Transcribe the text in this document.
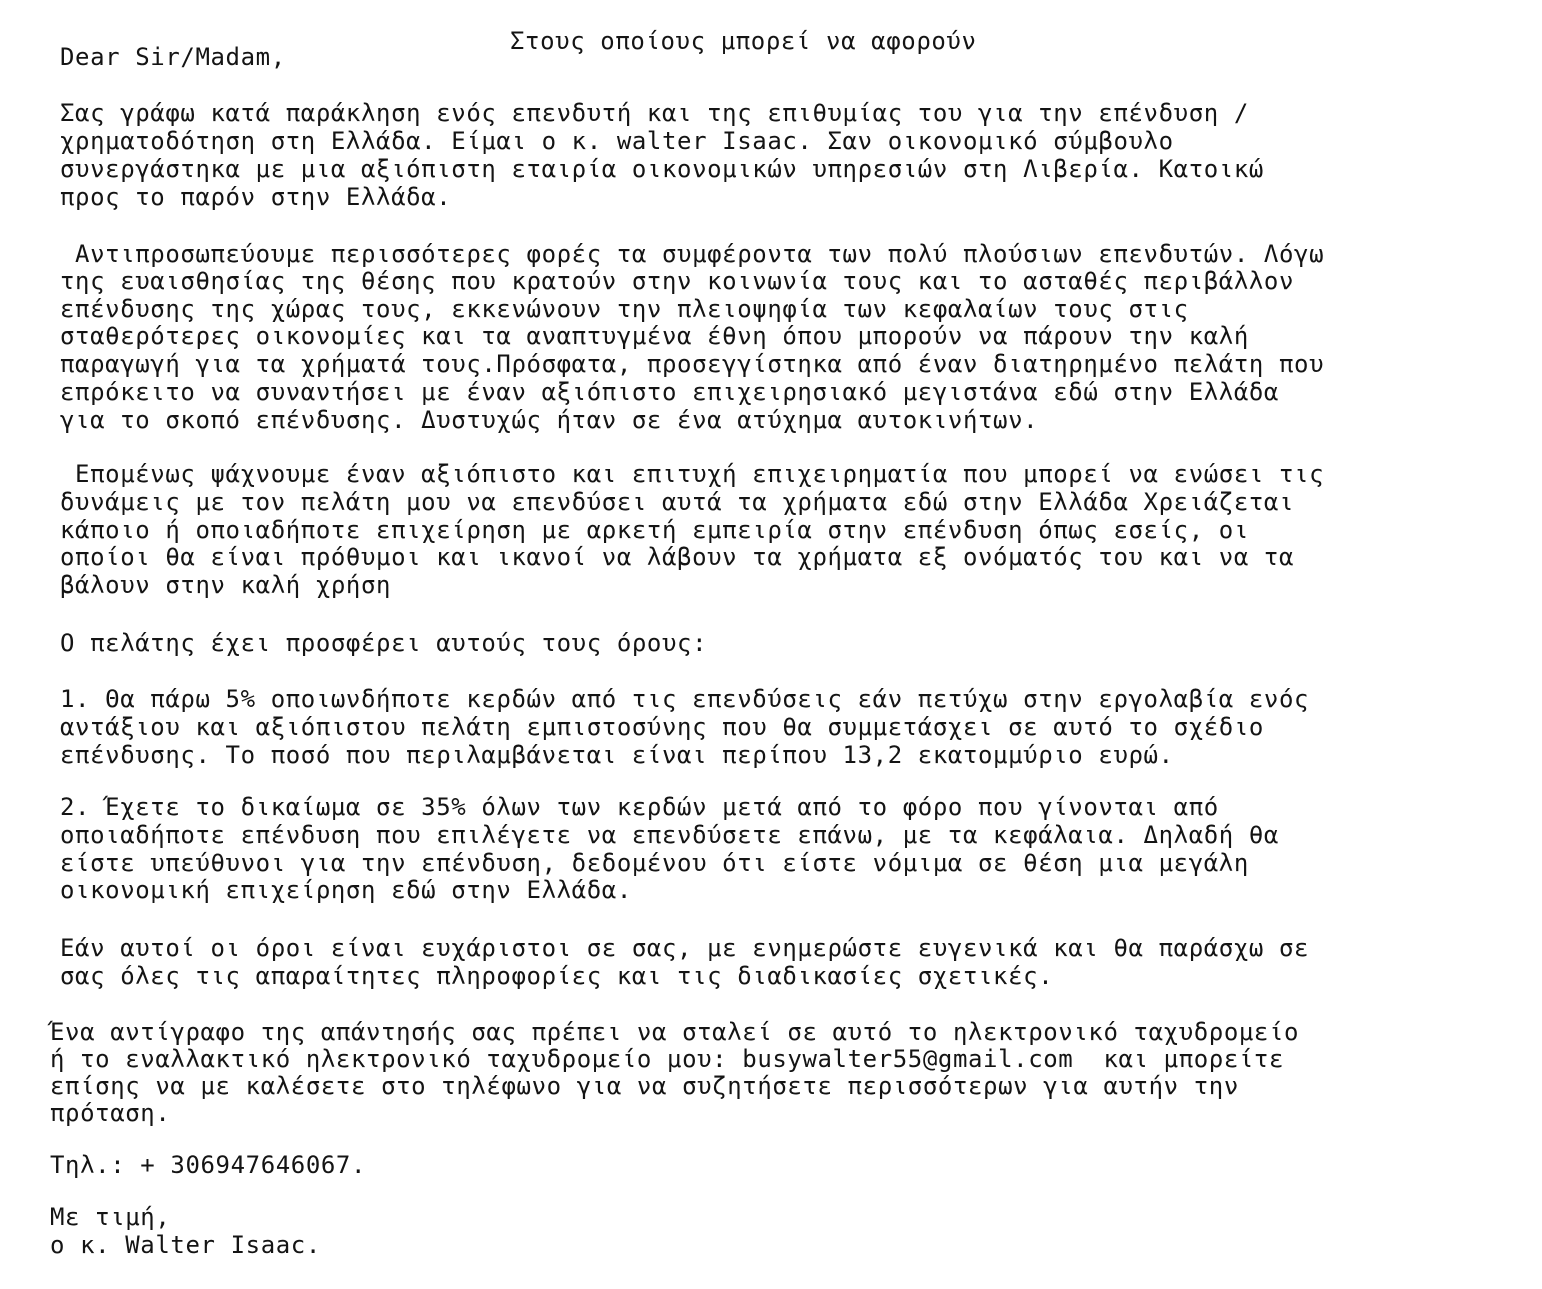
Στους οποίους μπορεί να αφορούν
Dear Sir/Madam,
Σας γράφω κατά παράκληση ενός επενδυτή και της επιθυμίας του για την επένδυση /
χρηματοδότηση στη Ελλάδα. Είμαι ο κ. walter Isaac. Σαν οικονομικό σύμβουλο
συνεργάστηκα με μια αξιόπιστη εταιρία οικονομικών υπηρεσιών στη Λιβερία. Κατοικώ
προς το παρόν στην Ελλάδα.
Αντιπροσωπεύουμε περισσότερες φορές τα συμφέροντα των πολύ πλούσιων επενδυτών. Λόγω
της ευαισθησίας της θέσης που κρατούν στην κοινωνία τους και το ασταθές περιβάλλον
επένδυσης της χώρας τους, εκκενώνουν την πλειοψηφία των κεφαλαίων τους στις
σταθερότερες οικονομίες και τα αναπτυγμένα έθνη όπου μπορούν να πάρουν την καλή
παραγωγή για τα χρήματά τους.Πρόσφατα, προσεγγίστηκα από έναν διατηρημένο πελάτη που
επρόκειτο να συναντήσει με έναν αξιόπιστο επιχειρησιακό μεγιστάνα εδώ στην Ελλάδα
για το σκοπό επένδυσης. Δυστυχώς ήταν σε ένα ατύχημα αυτοκινήτων.
Επομένως ψάχνουμε έναν αξιόπιστο και επιτυχή επιχειρηματία που μπορεί να ενώσει τις
δυνάμεις με τον πελάτη μου να επενδύσει αυτά τα χρήματα εδώ στην Ελλάδα Χρειάζεται
κάποιο ή οποιαδήποτε επιχείρηση με αρκετή εμπειρία στην επένδυση όπως εσείς, οι
οποίοι θα είναι πρόθυμοι και ικανοί να λάβουν τα χρήματα εξ ονόματός του και να τα
βάλουν στην καλή χρήση
Ο πελάτης έχει προσφέρει αυτούς τους όρους:
1. Θα πάρω 5% οποιωνδήποτε κερδών από τις επενδύσεις εάν πετύχω στην εργολαβία ενός
αντάξιου και αξιόπιστου πελάτη εμπιστοσύνης που θα συμμετάσχει σε αυτό το σχέδιο
επένδυσης. Το ποσό που περιλαμβάνεται είναι περίπου 13,2 εκατομμύριο ευρώ.
2. Έχετε το δικαίωμα σε 35% όλων των κερδών μετά από το φόρο που γίνονται από
οποιαδήποτε επένδυση που επιλέγετε να επενδύσετε επάνω, με τα κεφάλαια. Δηλαδή θα
είστε υπεύθυνοι για την επένδυση, δεδομένου ότι είστε νόμιμα σε θέση μια μεγάλη
οικονομική επιχείρηση εδώ στην Ελλάδα.
Εάν αυτοί οι όροι είναι ευχάριστοι σε σας, με ενημερώστε ευγενικά και θα παράσχω σε
σας όλες τις απαραίτητες πληροφορίες και τις διαδικασίες σχετικές.
Ένα αντίγραφο της απάντησής σας πρέπει να σταλεί σε αυτό το ηλεκτρονικό ταχυδρομείο
ή το εναλλακτικό ηλεκτρονικό ταχυδρομείο μου: busywalter55@gmail.com  και μπορείτε
επίσης να με καλέσετε στο τηλέφωνο για να συζητήσετε περισσότερων για αυτήν την
πρόταση.
Τηλ.: + 306947646067.
Με τιμή,
ο κ. Walter Isaac.
